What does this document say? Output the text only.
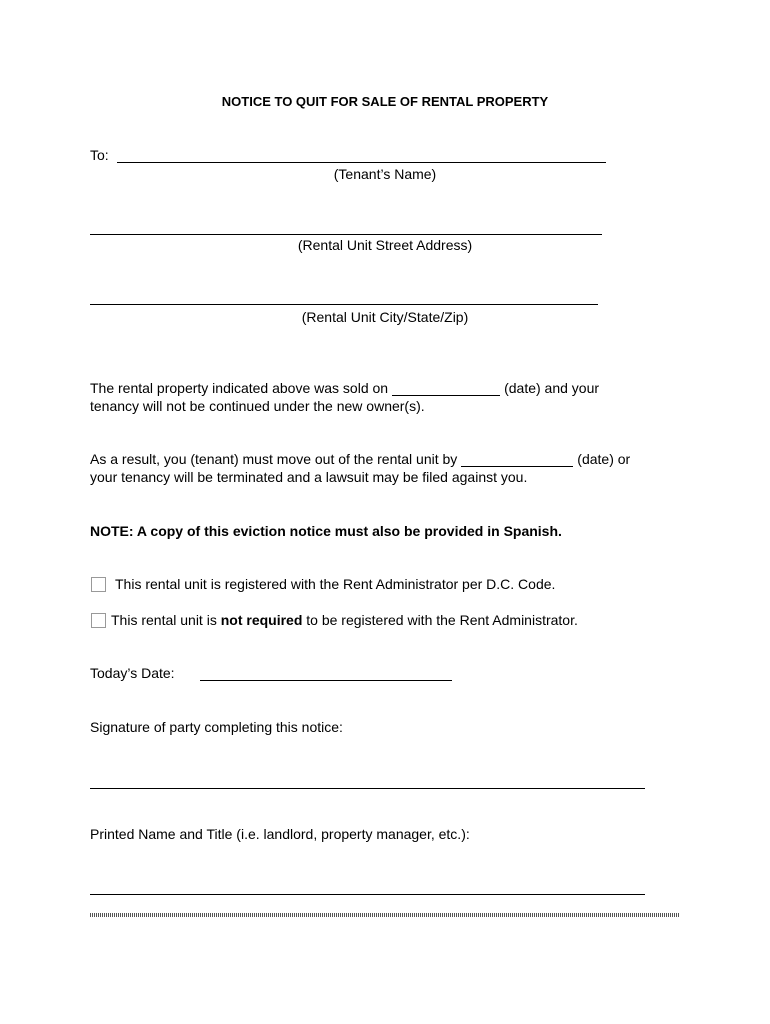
NOTICE TO QUIT FOR SALE OF RENTAL PROPERTY
To:
(Tenant’s Name)
(Rental Unit Street Address)
(Rental Unit City/State/Zip)
The rental property indicated above was sold on	(date) and your
tenancy will not be continued under the new owner(s).
As a result, you (tenant) must move out of the rental unit by	(date) or
your tenancy will be terminated and a lawsuit may be filed against you.
NOTE: A copy of this eviction notice must also be provided in Spanish.
This rental unit is registered with the Rent Administrator per D.C. Code.
This rental unit is not required to be registered with the Rent Administrator.
Today’s Date:
Signature of party completing this notice:
Printed Name and Title (i.e. landlord, property manager, etc.):
